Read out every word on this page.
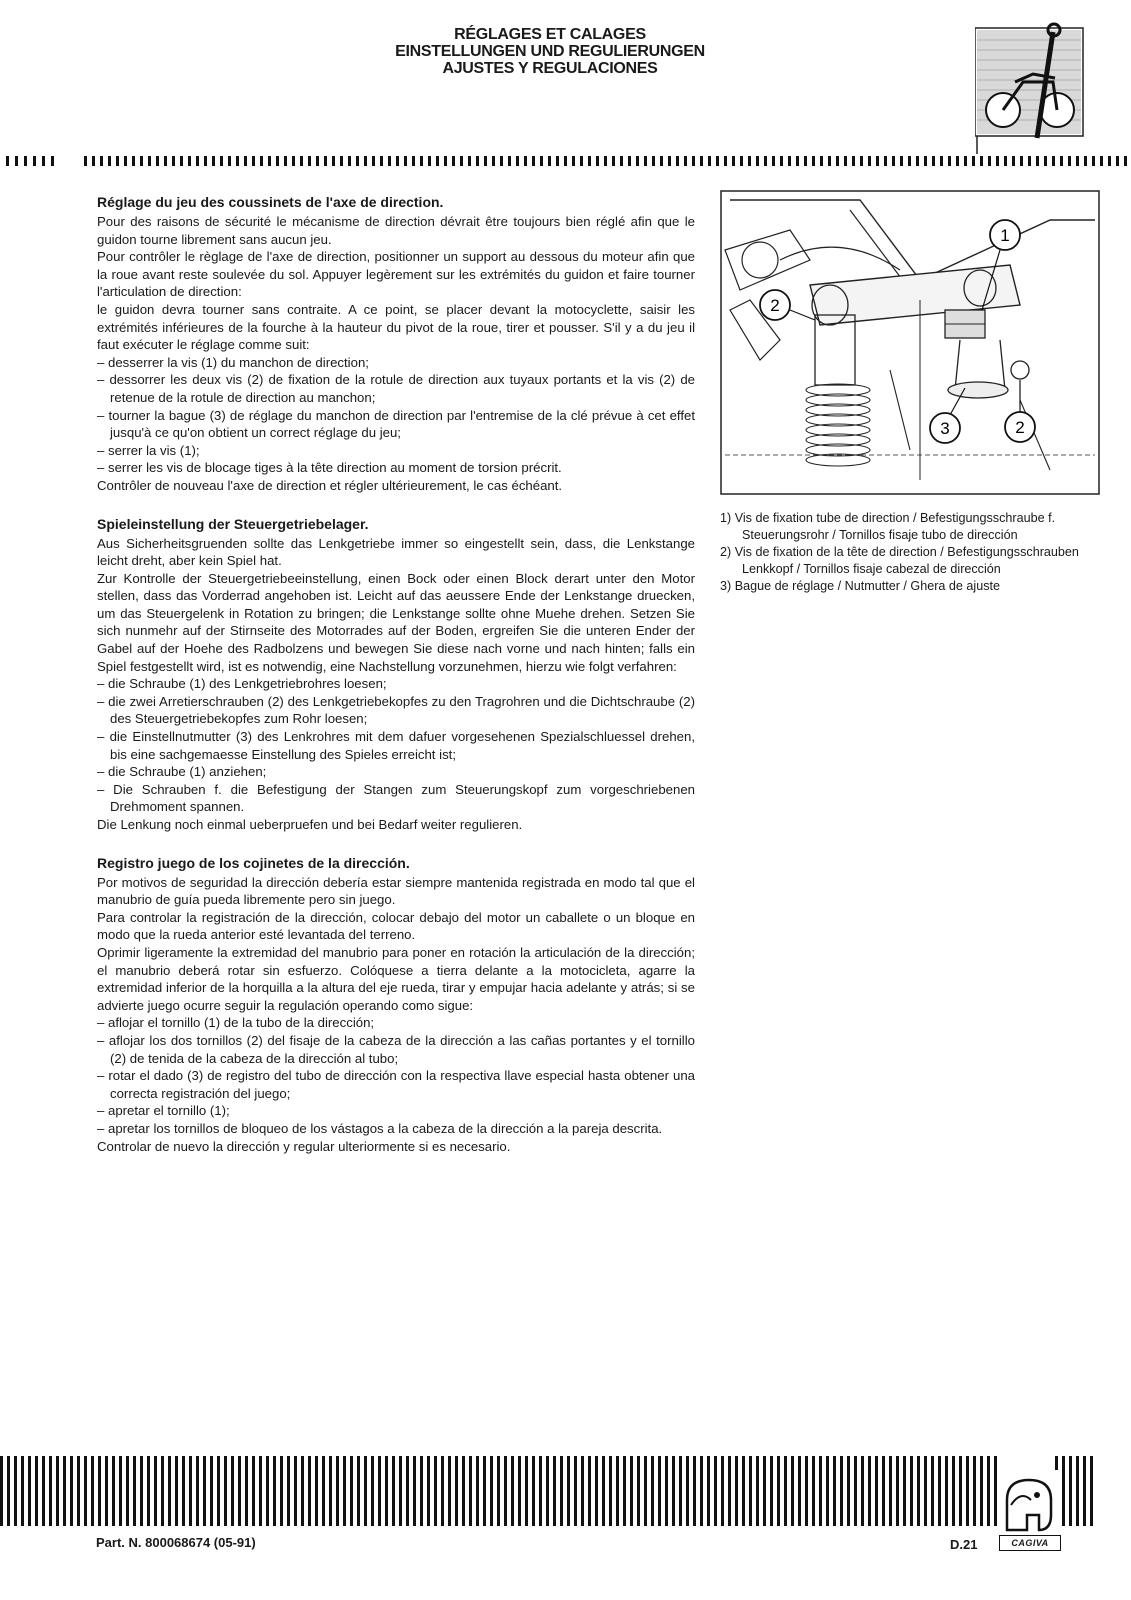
RÉGLAGES ET CALAGES
EINSTELLUNGEN UND REGULIERUNGEN
AJUSTES Y REGULACIONES
Réglage du jeu des coussinets de l'axe de direction.

Pour des raisons de sécurité le mécanisme de direction dévrait être toujours bien réglé afin que le guidon tourne librement sans aucun jeu.

Pour contrôler le règlage de l'axe de direction, positionner un support au dessous du moteur afin que la roue avant reste soulevée du sol. Appuyer legèrement sur les extrémités du guidon et faire tourner l'articulation de direction:

le guidon devra tourner sans contraite. A ce point, se placer devant la motocyclette, saisir les extrémités inférieures de la fourche à la hauteur du pivot de la roue, tirer et pousser. S'il y a du jeu il faut exécuter le réglage comme suit:

– desserrer la vis (1) du manchon de direction;
– dessorrer les deux vis (2) de fixation de la rotule de direction aux tuyaux portants et la vis (2) de retenue de la rotule de direction au manchon;
– tourner la bague (3) de réglage du manchon de direction par l'entremise de la clé prévue à cet effet jusqu'à ce qu'on obtient un correct réglage du jeu;
– serrer la vis (1);
– serrer les vis de blocage tiges à la tête direction au moment de torsion précrit.

Contrôler de nouveau l'axe de direction et régler ultérieurement, le cas échéant.

Spieleinstellung der Steuergetriebelager.

Aus Sicherheitsgruenden sollte das Lenkgetriebe immer so eingestellt sein, dass, die Lenkstange leicht dreht, aber kein Spiel hat.

Zur Kontrolle der Steuergetriebeeinstellung, einen Bock oder einen Block derart unter den Motor stellen, dass das Vorderrad angehoben ist. Leicht auf das aeussere Ende der Lenkstange druecken, um das Steuergelenk in Rotation zu bringen; die Lenkstange sollte ohne Muehe drehen. Setzen Sie sich nunmehr auf der Stirnseite des Motorrades auf der Boden, ergreifen Sie die unteren Ender der Gabel auf der Hoehe des Radbolzens und bewegen Sie diese nach vorne und nach hinten; falls ein Spiel festgestellt wird, ist es notwendig, eine Nachstellung vorzunehmen, hierzu wie folgt verfahren:

– die Schraube (1) des Lenkgetriebrohres loesen;
– die zwei Arretierschrauben (2) des Lenkgetriebekopfes zu den Tragrohren und die Dichtschraube (2) des Steuergetriebekopfes zum Rohr loesen;
– die Einstellnutmutter (3) des Lenkrohres mit dem dafuer vorgesehenen Spezialschluessel drehen, bis eine sachgemaesse Einstellung des Spieles erreicht ist;
– die Schraube (1) anziehen;
– Die Schrauben f. die Befestigung der Stangen zum Steuerungskopf zum vorgeschriebenen Drehmoment spannen.

Die Lenkung noch einmal ueberpruefen und bei Bedarf weiter regulieren.

Registro juego de los cojinetes de la dirección.

Por motivos de seguridad la dirección debería estar siempre mantenida registrada en modo tal que el manubrio de guía pueda libremente pero sin juego.

Para controlar la registración de la dirección, colocar debajo del motor un caballete o un bloque en modo que la rueda anterior esté levantada del terreno.

Oprimir ligeramente la extremidad del manubrio para poner en rotación la articulación de la dirección; el manubrio deberá rotar sin esfuerzo. Colóquese a tierra delante a la motocicleta, agarre la extremidad inferior de la horquilla a la altura del eje rueda, tirar y empujar hacia adelante y atrás; si se advierte juego ocurre seguir la regulación operando como sigue:

– aflojar el tornillo (1) de la tubo de la dirección;
– aflojar los dos tornillos (2) del fisaje de la cabeza de la dirección a las cañas portantes y el tornillo (2) de tenida de la cabeza de la dirección al tubo;
– rotar el dado (3) de registro del tubo de dirección con la respectiva llave especial hasta obtener una correcta registración del juego;
– apretar el tornillo (1);
– apretar los tornillos de bloqueo de los vástagos a la cabeza de la dirección a la pareja descrita.

Controlar de nuevo la dirección y regular ulteriormente si es necesario.

1
2
2
3
1) Vis de fixation tube de direction / Befestigungsschraube f. Steuerungsrohr / Tornillos fisaje tubo de dirección
2) Vis de fixation de la tête de direction / Befestigungsschrauben Lenkkopf / Tornillos fisaje cabezal de dirección
3) Bague de réglage / Nutmutter / Ghera de ajuste
Part. N. 800068674 (05-91)	D.21	CAGIVA
